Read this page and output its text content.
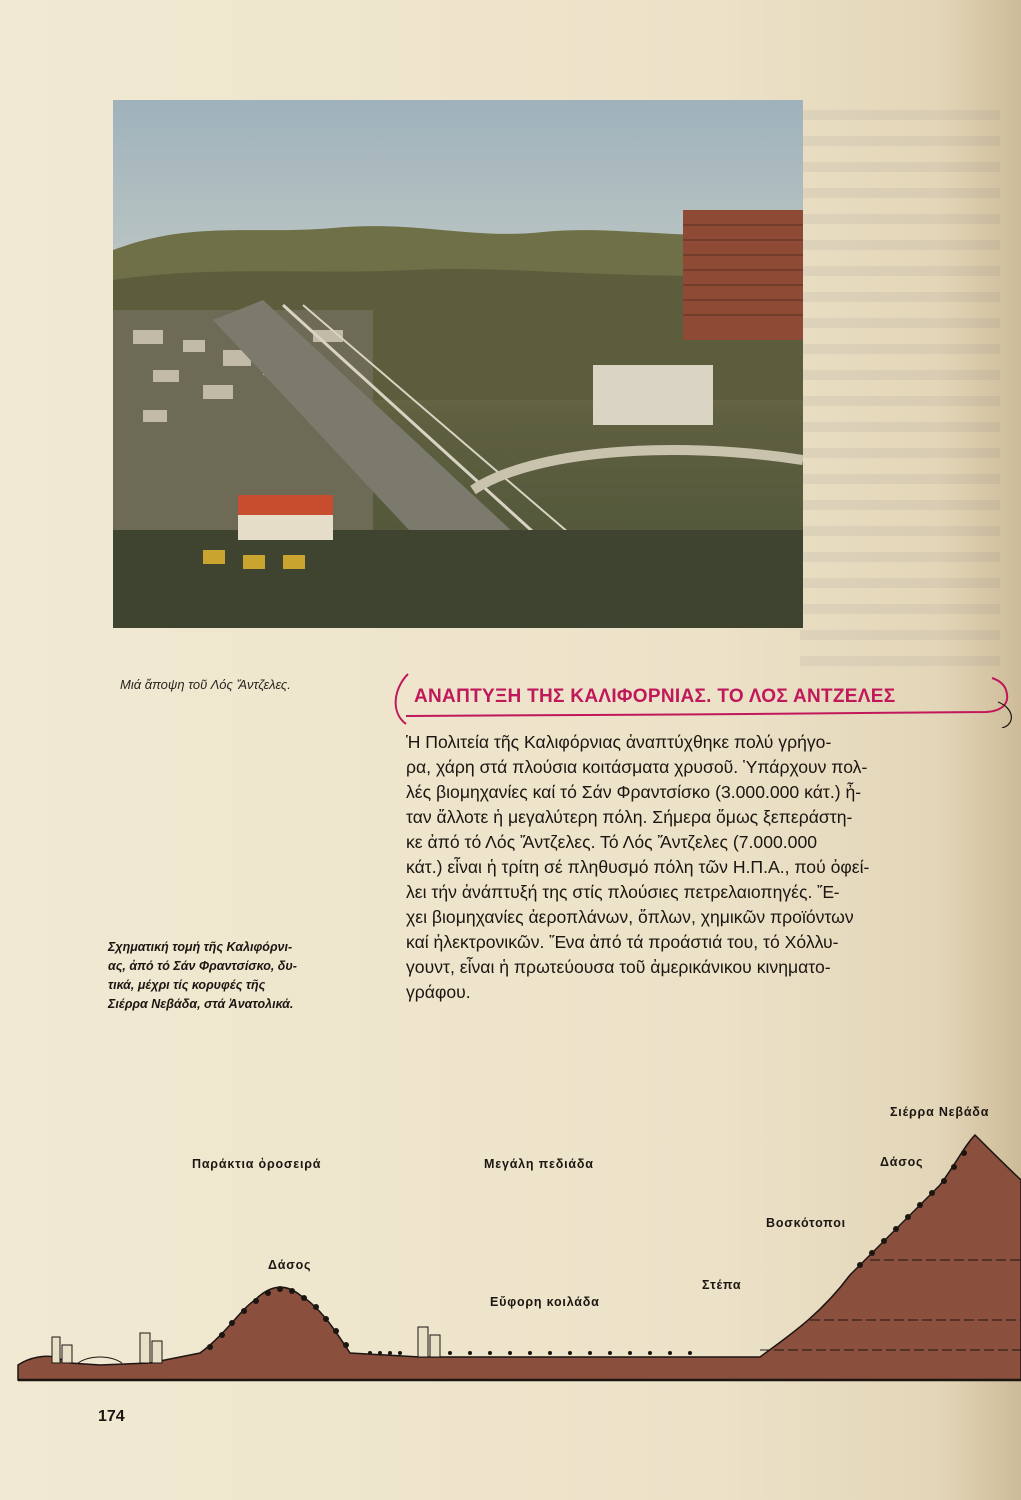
Μιά ἄποψη τοῦ Λός Ἄντζελες.
ΑΝΑΠΤΥΞΗ ΤΗΣ ΚΑΛΙΦΟΡΝΙΑΣ. ΤΟ ΛΟΣ ΑΝΤΖΕΛΕΣ
Ἡ Πολιτεία τῆς Καλιφόρνιας ἀναπτύχθηκε πολύ γρήγο-
ρα, χάρη στά πλούσια κοιτάσματα χρυσοῦ. Ὑπάρχουν πολ-
λές βιομηχανίες καί τό Σάν Φραντσίσκο (3.000.000 κάτ.) ἦ-
ταν ἄλλοτε ἡ μεγαλύτερη πόλη. Σήμερα ὅμως ξεπεράστη-
κε ἀπό τό Λός Ἄντζελες. Τό Λός Ἄντζελες (7.000.000
κάτ.) εἶναι ἡ τρίτη σέ πληθυσμό πόλη τῶν Η.Π.Α., πού ὀφεί-
λει τήν ἀνάπτυξή της στίς πλούσιες πετρελαιοπηγές. Ἔ-
χει βιομηχανίες ἀεροπλάνων, ὅπλων, χημικῶν προϊόντων
καί ἠλεκτρονικῶν. Ἕνα ἀπό τά προάστιά του, τό Χόλλυ-
γουντ, εἶναι ἡ πρωτεύουσα τοῦ ἀμερικάνικου κινηματο-
γράφου.
Σχηματική τομή τῆς Καλιφόρνι-
ας, ἀπό τό Σάν Φραντσίσκο, δυ-
τικά, μέχρι τίς κορυφές τῆς
Σιέρρα Νεβάδα, στά Ἀνατολικά.
Παράκτια ὀροσειρά
Δάσος
Μεγάλη πεδιάδα
Εὔφορη κοιλάδα
Στέπα
Βοσκότοποι
Δάσος
Σιέρρα Νεβάδα
174
